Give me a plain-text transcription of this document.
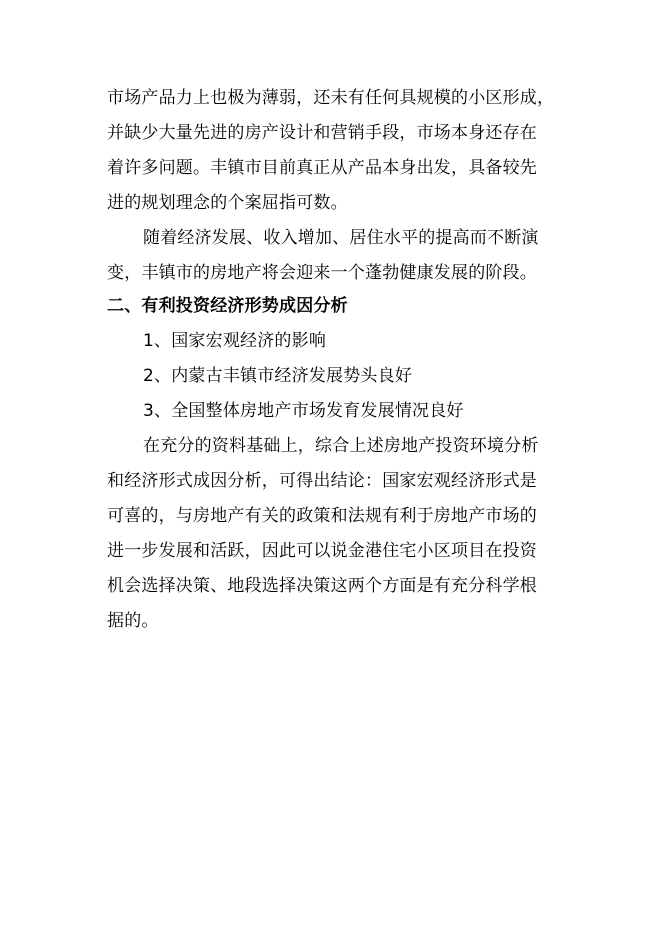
市场产品力上也极为薄弱，还未有任何具规模的小区形成，
并缺少大量先进的房产设计和营销手段，市场本身还存在
着许多问题。丰镇市目前真正从产品本身出发，具备较先
进的规划理念的个案屈指可数。
随着经济发展、收入增加、居住水平的提高而不断演
变，丰镇市的房地产将会迎来一个蓬勃健康发展的阶段。
二、有利投资经济形势成因分析
1、国家宏观经济的影响
2、内蒙古丰镇市经济发展势头良好
3、全国整体房地产市场发育发展情况良好
在充分的资料基础上，综合上述房地产投资环境分析
和经济形式成因分析，可得出结论：国家宏观经济形式是
可喜的，与房地产有关的政策和法规有利于房地产市场的
进一步发展和活跃，因此可以说金港住宅小区项目在投资
机会选择决策、地段选择决策这两个方面是有充分科学根
据的。
